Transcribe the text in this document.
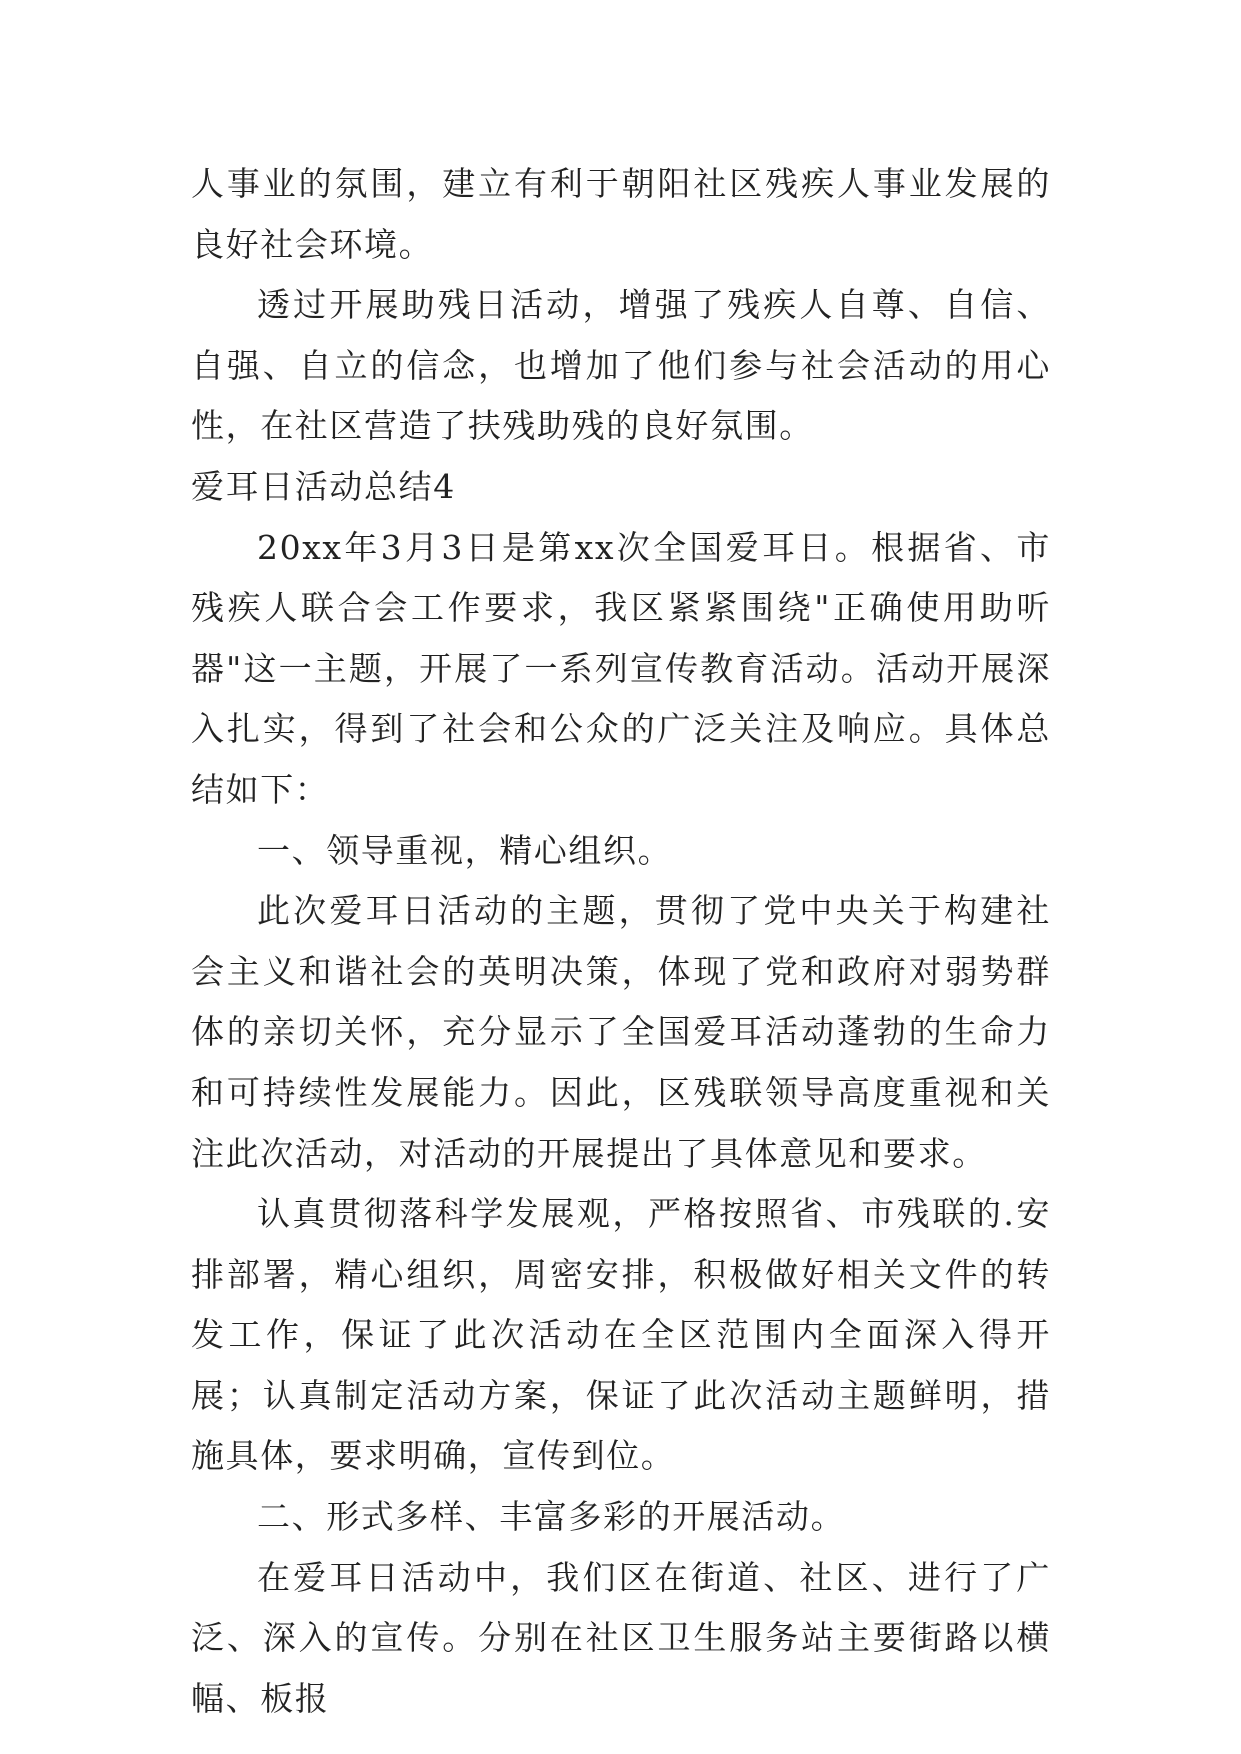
人事业的氛围，建立有利于朝阳社区残疾人事业发展的良好社会环境。

透过开展助残日活动，增强了残疾人自尊、自信、自强、自立的信念，也增加了他们参与社会活动的用心性，在社区营造了扶残助残的良好氛围。

爱耳日活动总结4

20xx年3月3日是第xx次全国爱耳日。根据省、市残疾人联合会工作要求，我区紧紧围绕"正确使用助听器"这一主题，开展了一系列宣传教育活动。活动开展深入扎实，得到了社会和公众的广泛关注及响应。具体总结如下：

一、领导重视，精心组织。

此次爱耳日活动的主题，贯彻了党中央关于构建社会主义和谐社会的英明决策，体现了党和政府对弱势群体的亲切关怀，充分显示了全国爱耳活动蓬勃的生命力和可持续性发展能力。因此，区残联领导高度重视和关注此次活动，对活动的开展提出了具体意见和要求。

认真贯彻落科学发展观，严格按照省、市残联的.安排部署，精心组织，周密安排，积极做好相关文件的转发工作，保证了此次活动在全区范围内全面深入得开展；认真制定活动方案，保证了此次活动主题鲜明，措施具体，要求明确，宣传到位。

二、形式多样、丰富多彩的开展活动。

在爱耳日活动中，我们区在街道、社区、进行了广泛、深入的宣传。分别在社区卫生服务站主要街路以横幅、板报
